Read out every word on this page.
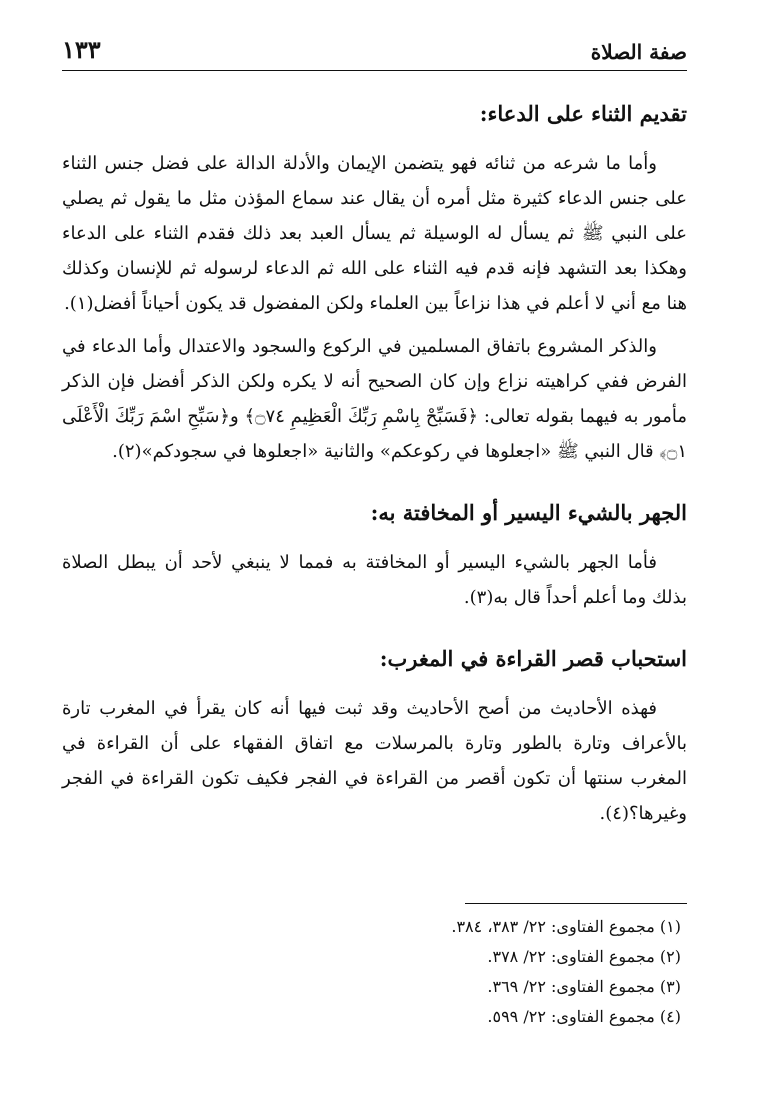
صفة الصلاة
١٣٣
تقديم الثناء على الدعاء:

وأما ما شرعه من ثنائه فهو يتضمن الإيمان والأدلة الدالة على فضل جنس الثناء على جنس الدعاء كثيرة مثل أمره أن يقال عند سماع المؤذن مثل ما يقول ثم يصلي على النبي ﷺ ثم يسأل له الوسيلة ثم يسأل العبد بعد ذلك فقدم الثناء على الدعاء وهكذا بعد التشهد فإنه قدم فيه الثناء على الله ثم الدعاء لرسوله ثم للإنسان وكذلك هنا مع أني لا أعلم في هذا نزاعاً بين العلماء ولكن المفضول قد يكون أحياناً أفضل(١).

والذكر المشروع باتفاق المسلمين في الركوع والسجود والاعتدال وأما الدعاء في الفرض ففي كراهيته نزاع وإن كان الصحيح أنه لا يكره ولكن الذكر أفضل فإن الذكر مأمور به فيهما بقوله تعالى: ﴿فَسَبِّحْ بِاسْمِ رَبِّكَ الْعَظِيمِ ۝٧٤﴾ و﴿سَبِّحِ اسْمَ رَبِّكَ الْأَعْلَى ۝١﴾ قال النبي ﷺ «اجعلوها في ركوعكم» والثانية «اجعلوها في سجودكم»(٢).

الجهر بالشيء اليسير أو المخافتة به:

فأما الجهر بالشيء اليسير أو المخافتة به فمما لا ينبغي لأحد أن يبطل الصلاة بذلك وما أعلم أحداً قال به(٣).

استحباب قصر القراءة في المغرب:

فهذه الأحاديث من أصح الأحاديث وقد ثبت فيها أنه كان يقرأ في المغرب تارة بالأعراف وتارة بالطور وتارة بالمرسلات مع اتفاق الفقهاء على أن القراءة في المغرب سنتها أن تكون أقصر من القراءة في الفجر فكيف تكون القراءة في الفجر وغيرها؟(٤).

(١) مجموع الفتاوى: ٢٢/ ٣٨٣، ٣٨٤.
(٢) مجموع الفتاوى: ٢٢/ ٣٧٨.
(٣) مجموع الفتاوى: ٢٢/ ٣٦٩.
(٤) مجموع الفتاوى: ٢٢/ ٥٩٩.
